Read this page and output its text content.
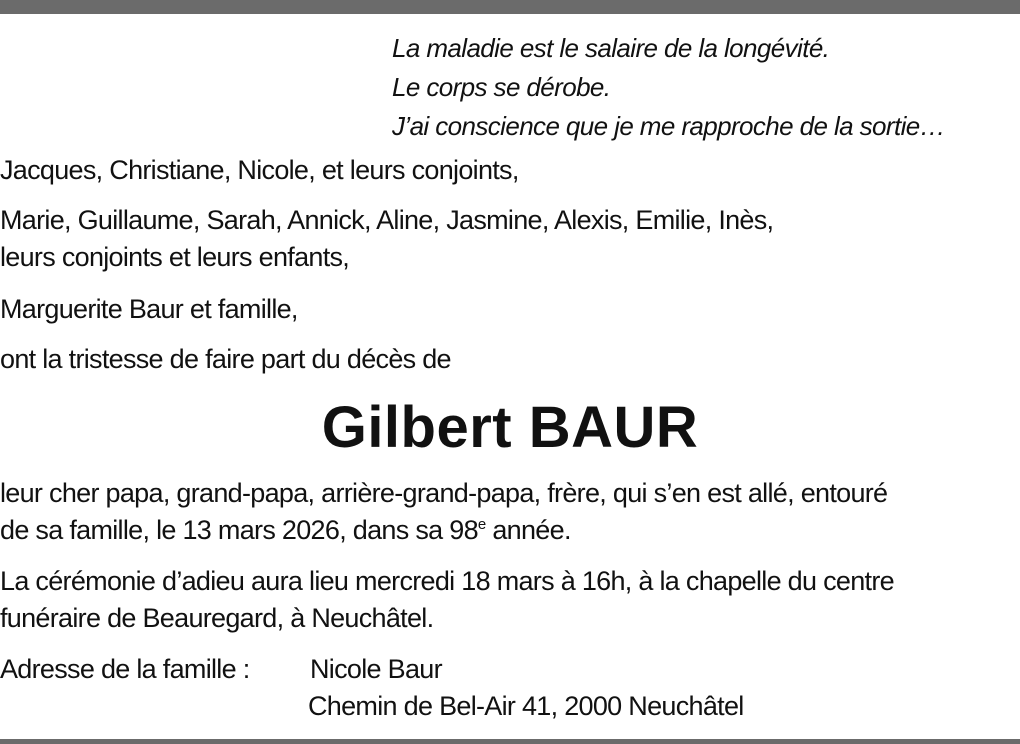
La maladie est le salaire de la longévité.
Le corps se dérobe.
J’ai conscience que je me rapproche de la sortie…
Jacques, Christiane, Nicole, et leurs conjoints,
Marie, Guillaume, Sarah, Annick, Aline, Jasmine, Alexis, Emilie, Inès,
leurs conjoints et leurs enfants,
Marguerite Baur et famille,
ont la tristesse de faire part du décès de
Gilbert BAUR
leur cher papa, grand-papa, arrière-grand-papa, frère, qui s’en est allé, entouré
de sa famille, le 13 mars 2026, dans sa 98e année.
La cérémonie d’adieu aura lieu mercredi 18 mars à 16h, à la chapelle du centre
funéraire de Beauregard, à Neuchâtel.
Adresse de la famille : Nicole Baur
Chemin de Bel-Air 41, 2000 Neuchâtel
